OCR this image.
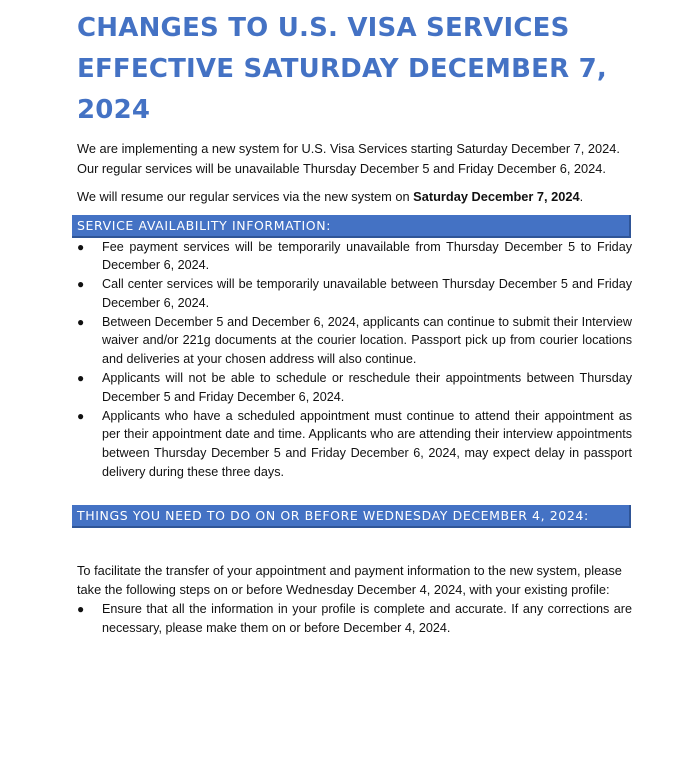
CHANGES TO U.S. VISA SERVICES EFFECTIVE SATURDAY DECEMBER 7, 2024

We are implementing a new system for U.S. Visa Services starting Saturday December 7, 2024. Our regular services will be unavailable Thursday December 5 and Friday December 6, 2024.

We will resume our regular services via the new system on Saturday December 7, 2024.

SERVICE AVAILABILITY INFORMATION:
● Fee payment services will be temporarily unavailable from Thursday December 5 to Friday December 6, 2024.
● Call center services will be temporarily unavailable between Thursday December 5 and Friday December 6, 2024.
● Between December 5 and December 6, 2024, applicants can continue to submit their Interview waiver and/or 221g documents at the courier location. Passport pick up from courier locations and deliveries at your chosen address will also continue.
● Applicants will not be able to schedule or reschedule their appointments between Thursday December 5 and Friday December 6, 2024.
● Applicants who have a scheduled appointment must continue to attend their appointment as per their appointment date and time. Applicants who are attending their interview appointments between Thursday December 5 and Friday December 6, 2024, may expect delay in passport delivery during these three days.
THINGS YOU NEED TO DO ON OR BEFORE WEDNESDAY DECEMBER 4, 2024:

To facilitate the transfer of your appointment and payment information to the new system, please take the following steps on or before Wednesday December 4, 2024, with your existing profile:

● Ensure that all the information in your profile is complete and accurate. If any corrections are necessary, please make them on or before December 4, 2024.
